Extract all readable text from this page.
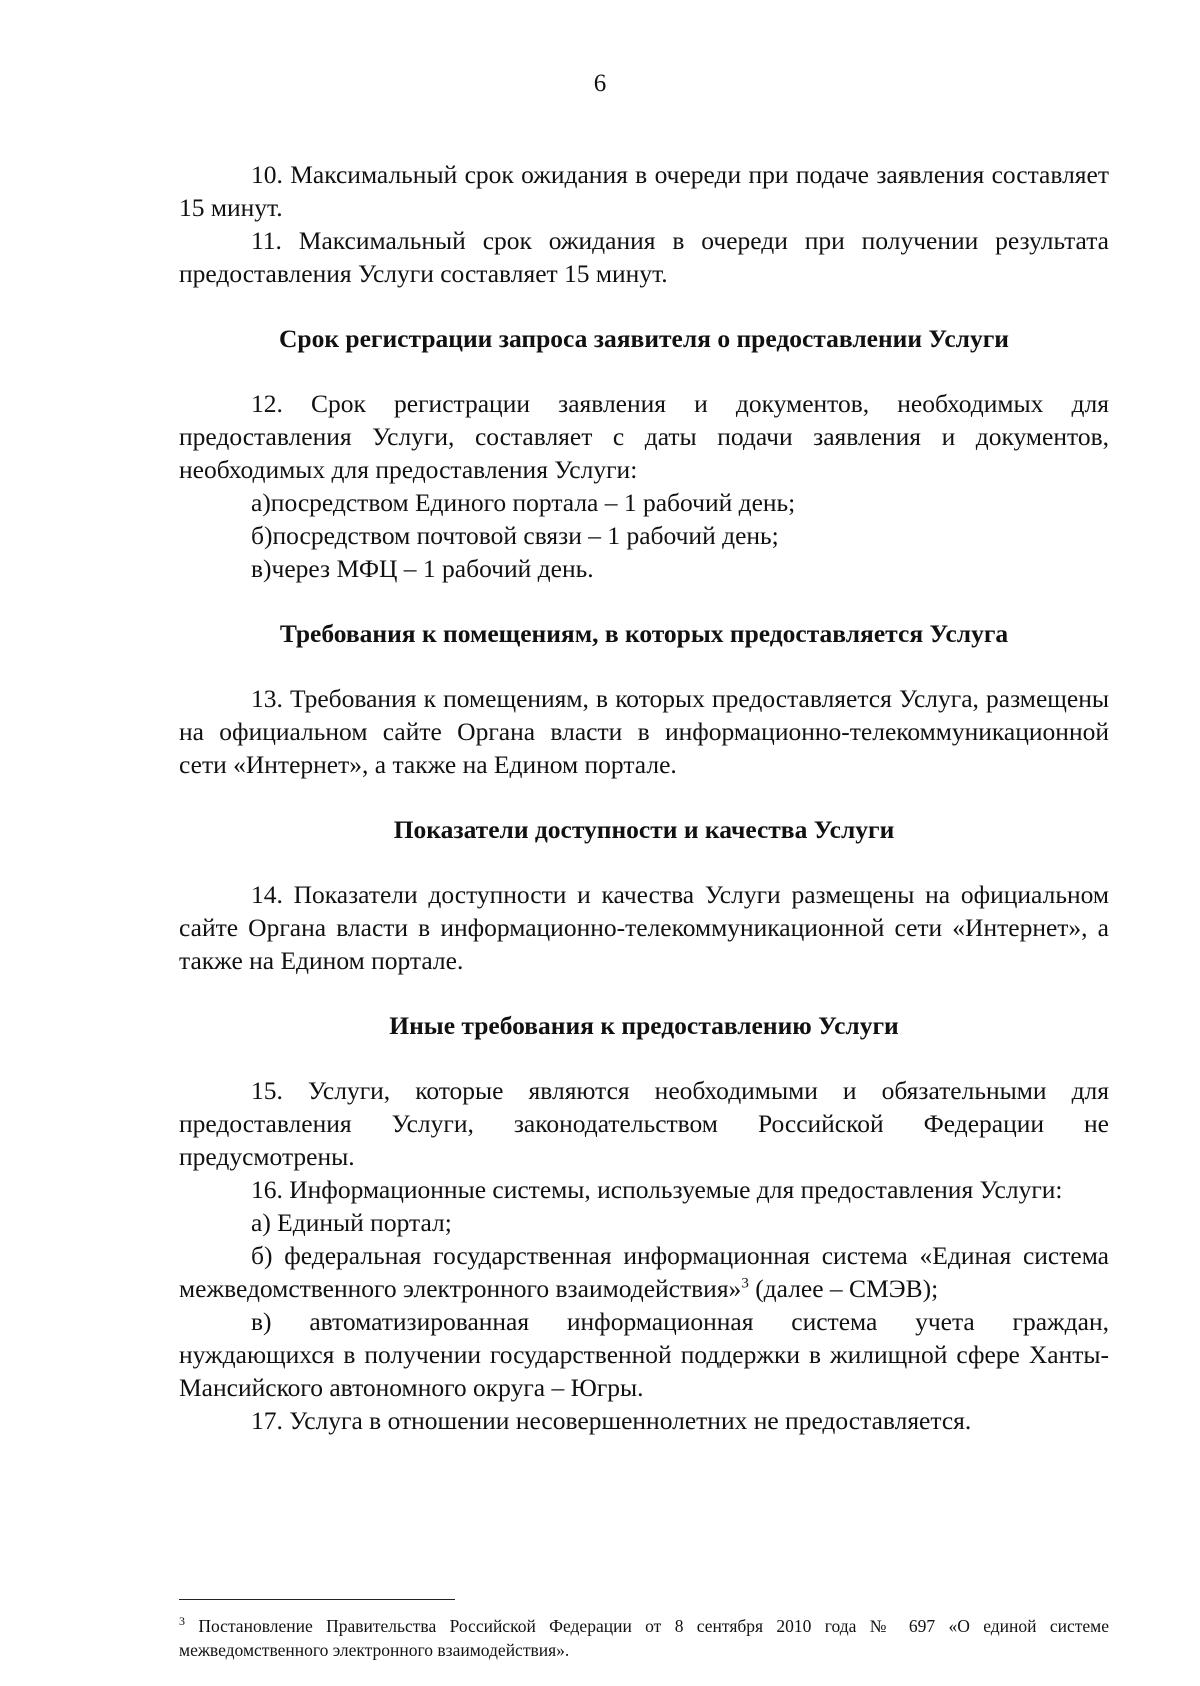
6

10. Максимальный срок ожидания в очереди при подаче заявления составляет 15 минут.

11. Максимальный срок ожидания в очереди при получении результата предоставления Услуги составляет 15 минут.

Срок регистрации запроса заявителя о предоставлении Услуги

12. Срок регистрации заявления и документов, необходимых для предоставления Услуги, составляет с даты подачи заявления и документов, необходимых для предоставления Услуги:

а)посредством Единого портала – 1 рабочий день;

б)посредством почтовой связи – 1 рабочий день;

в)через МФЦ – 1 рабочий день.

Требования к помещениям, в которых предоставляется Услуга

13. Требования к помещениям, в которых предоставляется Услуга, размещены на официальном сайте Органа власти в информационно-телекоммуникационной сети «Интернет», а также на Едином портале.

Показатели доступности и качества Услуги

14. Показатели доступности и качества Услуги размещены на официальном сайте Органа власти в информационно-телекоммуникационной сети «Интернет», а также на Едином портале.

Иные требования к предоставлению Услуги

15. Услуги, которые являются необходимыми и обязательными для предоставления Услуги, законодательством Российской Федерации не предусмотрены.

16. Информационные системы, используемые для предоставления Услуги:

а) Единый портал;

б) федеральная государственная информационная система «Единая система межведомственного электронного взаимодействия»$^3$ (далее – СМЭВ);

в) автоматизированная информационная система учета граждан, нуждающихся в получении государственной поддержки в жилищной сфере Ханты-Мансийского автономного округа – Югры.

17. Услуга в отношении несовершеннолетних не предоставляется.

$^3$ Постановление Правительства Российской Федерации от 8 сентября 2010 года № 697 «О единой системе межведомственного электронного взаимодействия».
